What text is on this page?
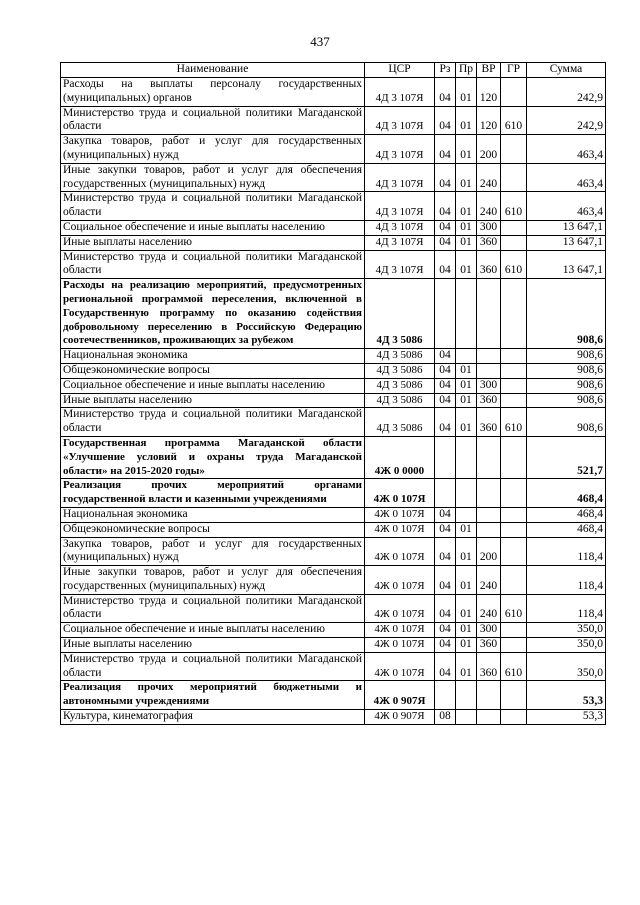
437
Наименование	ЦСР	Рз	Пр	ВР	ГР	Сумма
Расходы на выплаты персоналу государственных (муниципальных) органов	4Д 3 107Я	04	01	120		242,9
Министерство труда и социальной политики Магаданской области	4Д 3 107Я	04	01	120	610	242,9
Закупка товаров, работ и услуг для государственных (муниципальных) нужд	4Д 3 107Я	04	01	200		463,4
Иные закупки товаров, работ и услуг для обеспечения государственных (муниципальных) нужд	4Д 3 107Я	04	01	240		463,4
Министерство труда и социальной политики Магаданской области	4Д 3 107Я	04	01	240	610	463,4
Социальное обеспечение и иные выплаты населению	4Д 3 107Я	04	01	300		13 647,1
Иные выплаты населению	4Д 3 107Я	04	01	360		13 647,1
Министерство труда и социальной политики Магаданской области	4Д 3 107Я	04	01	360	610	13 647,1
Расходы на реализацию мероприятий, предусмотренных региональной программой переселения, включенной в Государственную программу по оказанию содействия добровольному переселению в Российскую Федерацию соотечественников, проживающих за рубежом	4Д 3 5086					908,6
Национальная экономика	4Д 3 5086	04				908,6
Общеэкономические вопросы	4Д 3 5086	04	01			908,6
Социальное обеспечение и иные выплаты населению	4Д 3 5086	04	01	300		908,6
Иные выплаты населению	4Д 3 5086	04	01	360		908,6
Министерство труда и социальной политики Магаданской области	4Д 3 5086	04	01	360	610	908,6
Государственная программа Магаданской области «Улучшение условий и охраны труда Магаданской области» на 2015-2020 годы»	4Ж 0 0000					521,7
Реализация прочих мероприятий органами государственной власти и казенными учреждениями	4Ж 0 107Я					468,4
Национальная экономика	4Ж 0 107Я	04				468,4
Общеэкономические вопросы	4Ж 0 107Я	04	01			468,4
Закупка товаров, работ и услуг для государственных (муниципальных) нужд	4Ж 0 107Я	04	01	200		118,4
Иные закупки товаров, работ и услуг для обеспечения государственных (муниципальных) нужд	4Ж 0 107Я	04	01	240		118,4
Министерство труда и социальной политики Магаданской области	4Ж 0 107Я	04	01	240	610	118,4
Социальное обеспечение и иные выплаты населению	4Ж 0 107Я	04	01	300		350,0
Иные выплаты населению	4Ж 0 107Я	04	01	360		350,0
Министерство труда и социальной политики Магаданской области	4Ж 0 107Я	04	01	360	610	350,0
Реализация прочих мероприятий бюджетными и автономными учреждениями	4Ж 0 907Я					53,3
Культура, кинематография	4Ж 0 907Я	08				53,3
